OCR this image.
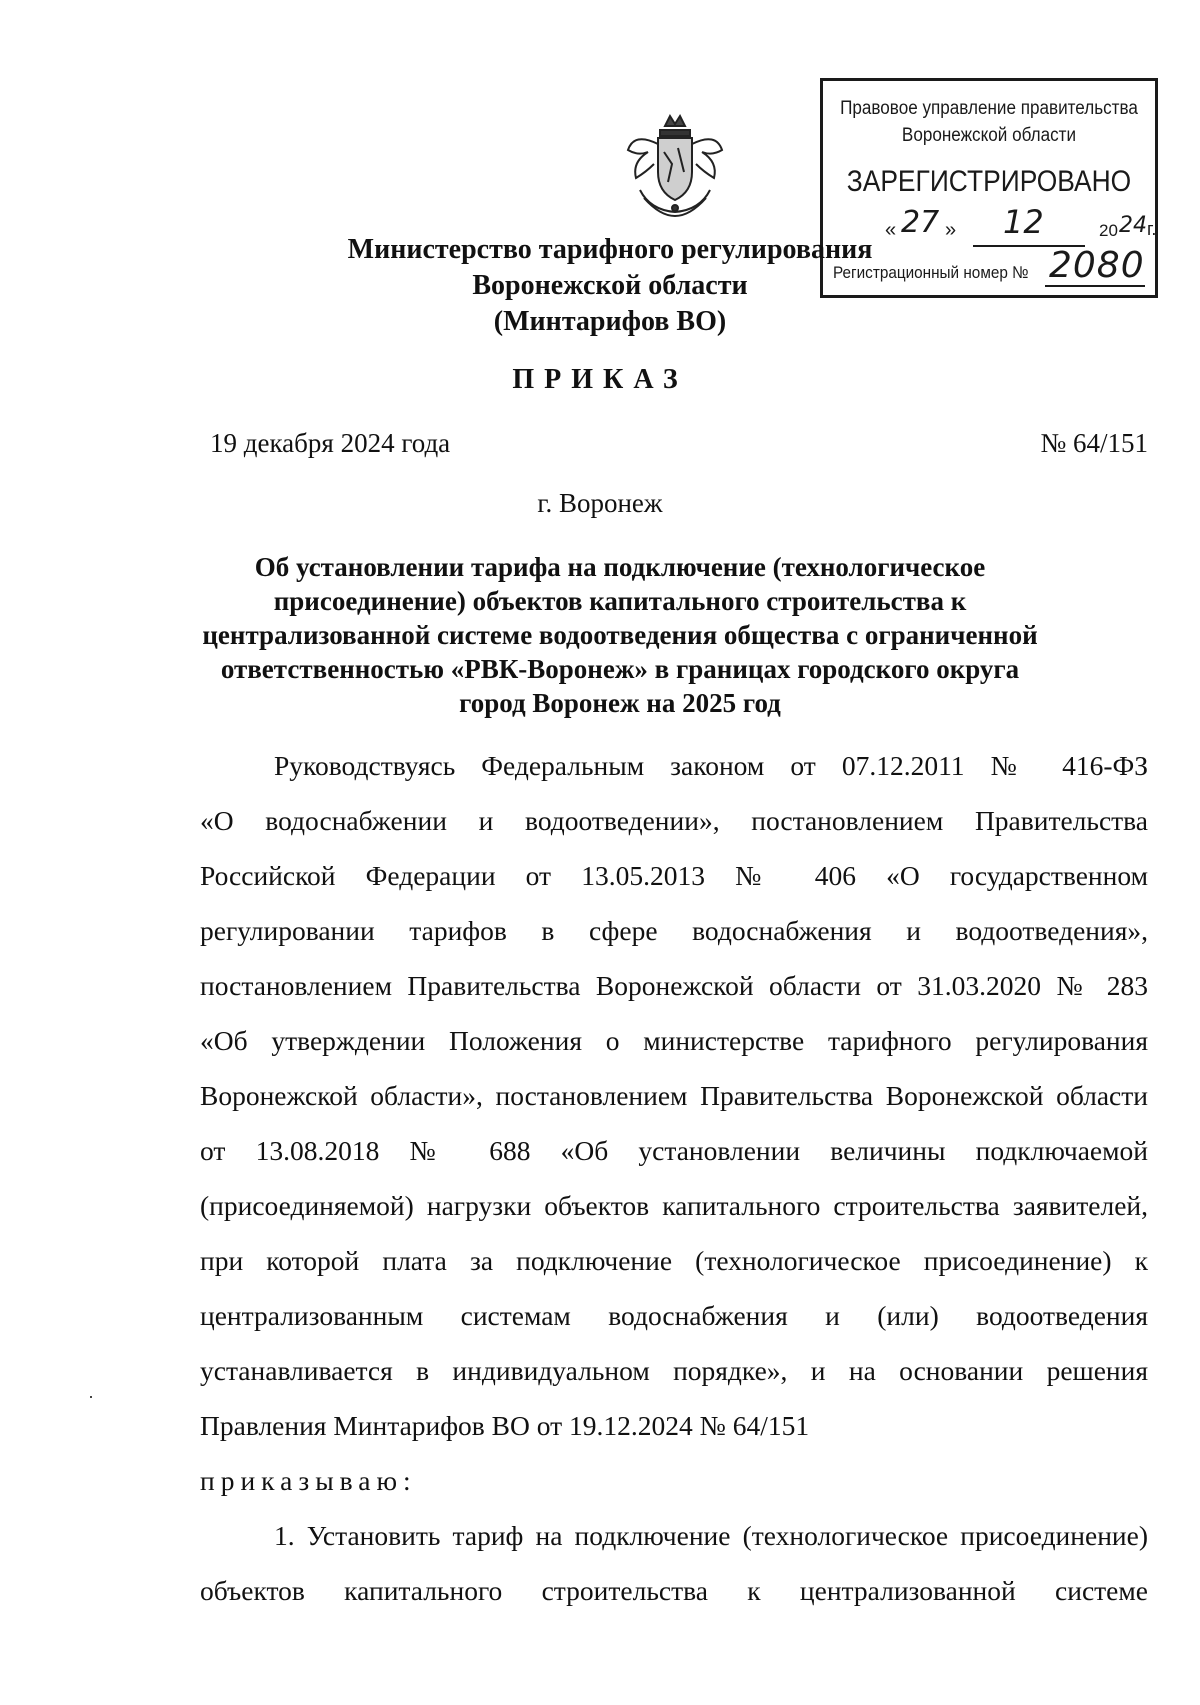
Правовое управление правительства
Воронежской области
ЗАРЕГИСТРИРОВАНО
« 27 » 12	20 24 г.
Регистрационный номер № 2080
Министерство тарифного регулирования
Воронежской области
(Минтарифов ВО)
ПРИКАЗ
19 декабря 2024 года	№ 64/151
г. Воронеж
Об установлении тарифа на подключение (технологическое
присоединение) объектов капитального строительства к
централизованной системе водоотведения общества с ограниченной
ответственностью «РВК-Воронеж» в границах городского округа
город Воронеж на 2025 год
Руководствуясь Федеральным законом от 07.12.2011 № 416-ФЗ
«О водоснабжении и водоотведении», постановлением Правительства
Российской Федерации от 13.05.2013 № 406 «О государственном
регулировании тарифов в сфере водоснабжения и водоотведения»,
постановлением Правительства Воронежской области от 31.03.2020 № 283
«Об утверждении Положения о министерстве тарифного регулирования
Воронежской области», постановлением Правительства Воронежской области
от 13.08.2018 № 688 «Об установлении величины подключаемой
(присоединяемой) нагрузки объектов капитального строительства заявителей,
при которой плата за подключение (технологическое присоединение) к
централизованным системам водоснабжения и (или) водоотведения
устанавливается в индивидуальном порядке», и на основании решения
Правления Минтарифов ВО от 19.12.2024 № 64/151
приказываю:
1. Установить тариф на подключение (технологическое присоединение)
объектов капитального строительства к централизованной системе
